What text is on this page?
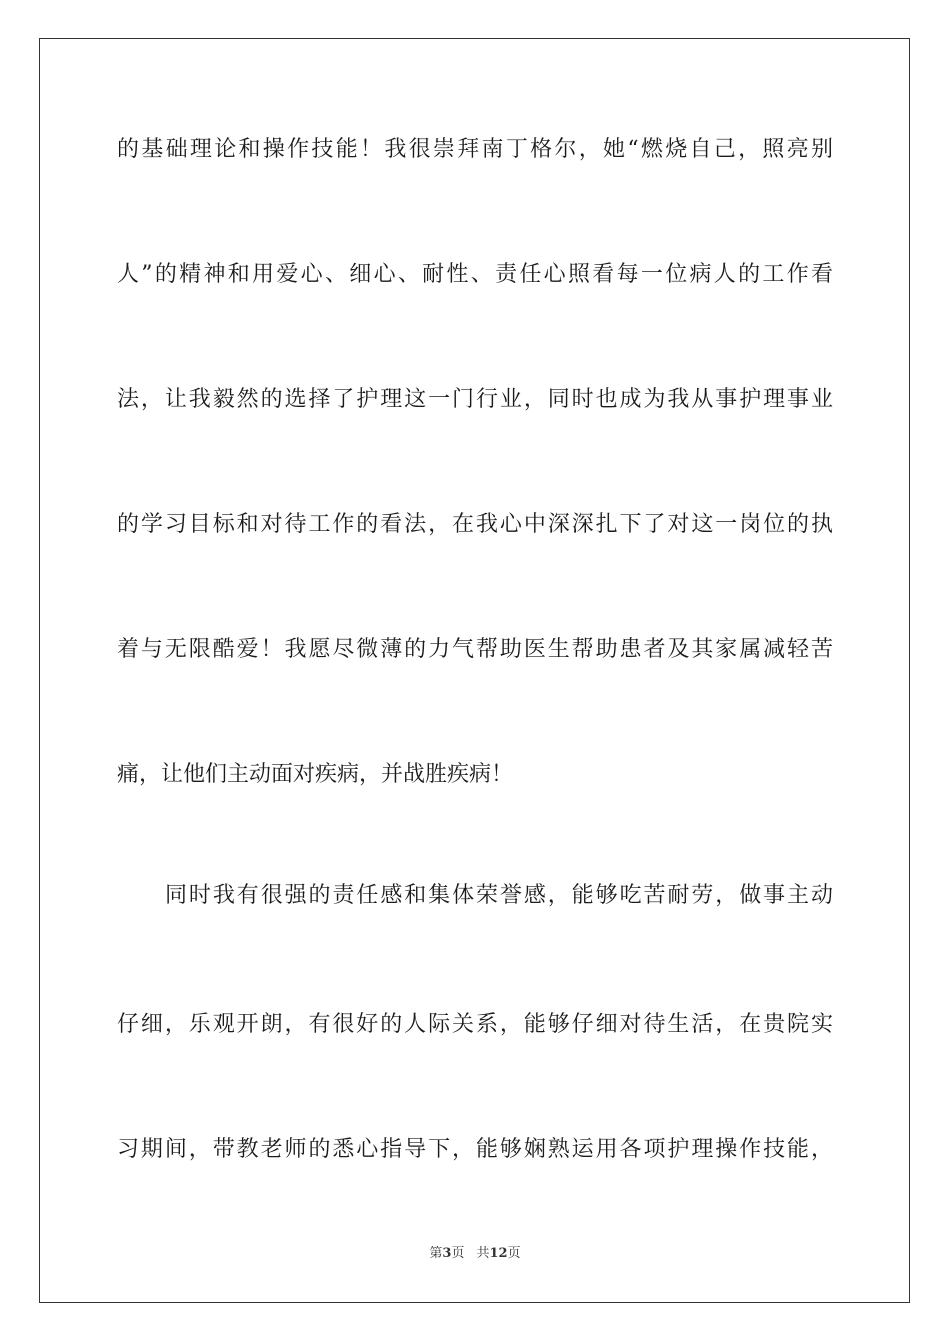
的基础理论和操作技能！我很崇拜南丁格尔，她“燃烧自己，照亮别
人”的精神和用爱心、细心、耐性、责任心照看每一位病人的工作看
法，让我毅然的选择了护理这一门行业，同时也成为我从事护理事业
的学习目标和对待工作的看法，在我心中深深扎下了对这一岗位的执
着与无限酷爱！我愿尽微薄的力气帮助医生帮助患者及其家属减轻苦
痛，让他们主动面对疾病，并战胜疾病！
同时我有很强的责任感和集体荣誉感，能够吃苦耐劳，做事主动
仔细，乐观开朗，有很好的人际关系，能够仔细对待生活，在贵院实
习期间，带教老师的悉心指导下，能够娴熟运用各项护理操作技能，
第3页 共12页
